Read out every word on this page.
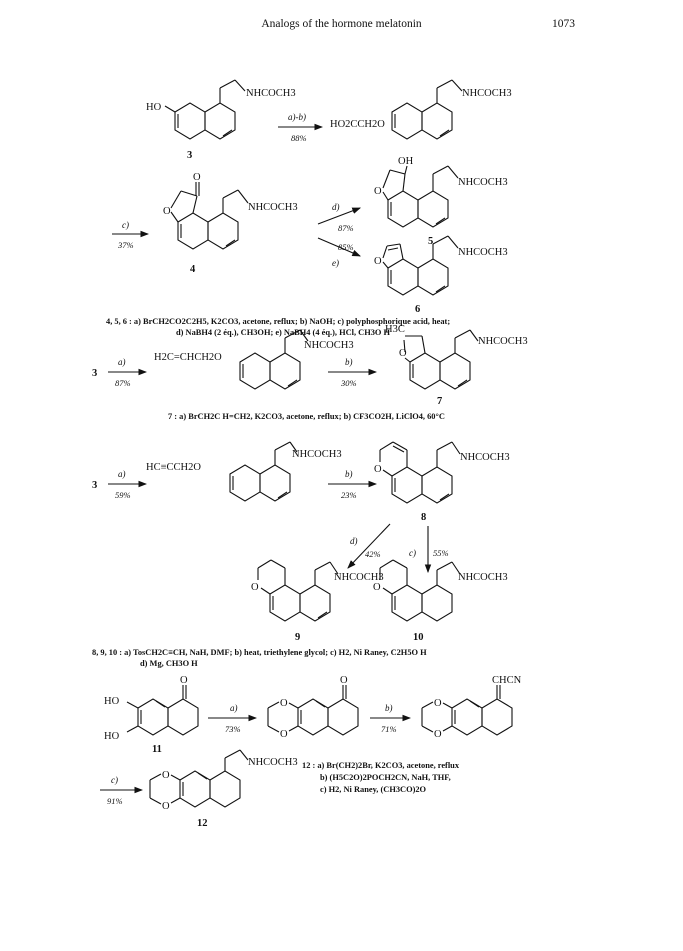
Analogs of the hormone melatonin	1073
HO
NHCOCH3
3
a)-b)
88%
HO2CCH2O
NHCOCH3
c)
37%
O
O	NHCOCH3
4
d)
87%
85%
e)
OH
O
NHCOCH3
5
O
NHCOCH3
6
3
a)
87%
H2C=CHCH2O
NHCOCH3
b)
30%
O
H3C
NHCOCH3
7
3
a)
59%
HC≡CCH2O
NHCOCH3
b)
23%
O
NHCOCH3
8
d)
42%	c) 55%
O
NHCOCH3
9
O
NHCOCH3
10
O
HO
HO
11
a)
73%
O
O
O
b)
71%
CHCN
O
O
c)
91%
NHCOCH3
O
O
12
4, 5, 6 : a) BrCH2CO2C2H5, K2CO3, acetone, reflux; b) NaOH; c) polyphosphorique acid, heat;
d) NaBH4 (2 éq.), CH3OH; e) NaBH4 (4 éq.), HCl, CH3O H
7 : a) BrCH2C H=CH2, K2CO3, acetone, reflux; b) CF3CO2H, LiClO4, 60°C
8, 9, 10 : a) TosCH2C≡CH, NaH, DMF; b) heat, triethylene glycol; c) H2, Ni Raney, C2H5O H
d) Mg, CH3O H
12 : a) Br(CH2)2Br, K2CO3, acetone, reflux
b) (H5C2O)2POCH2CN, NaH, THF,
c) H2, Ni Raney, (CH3CO)2O
